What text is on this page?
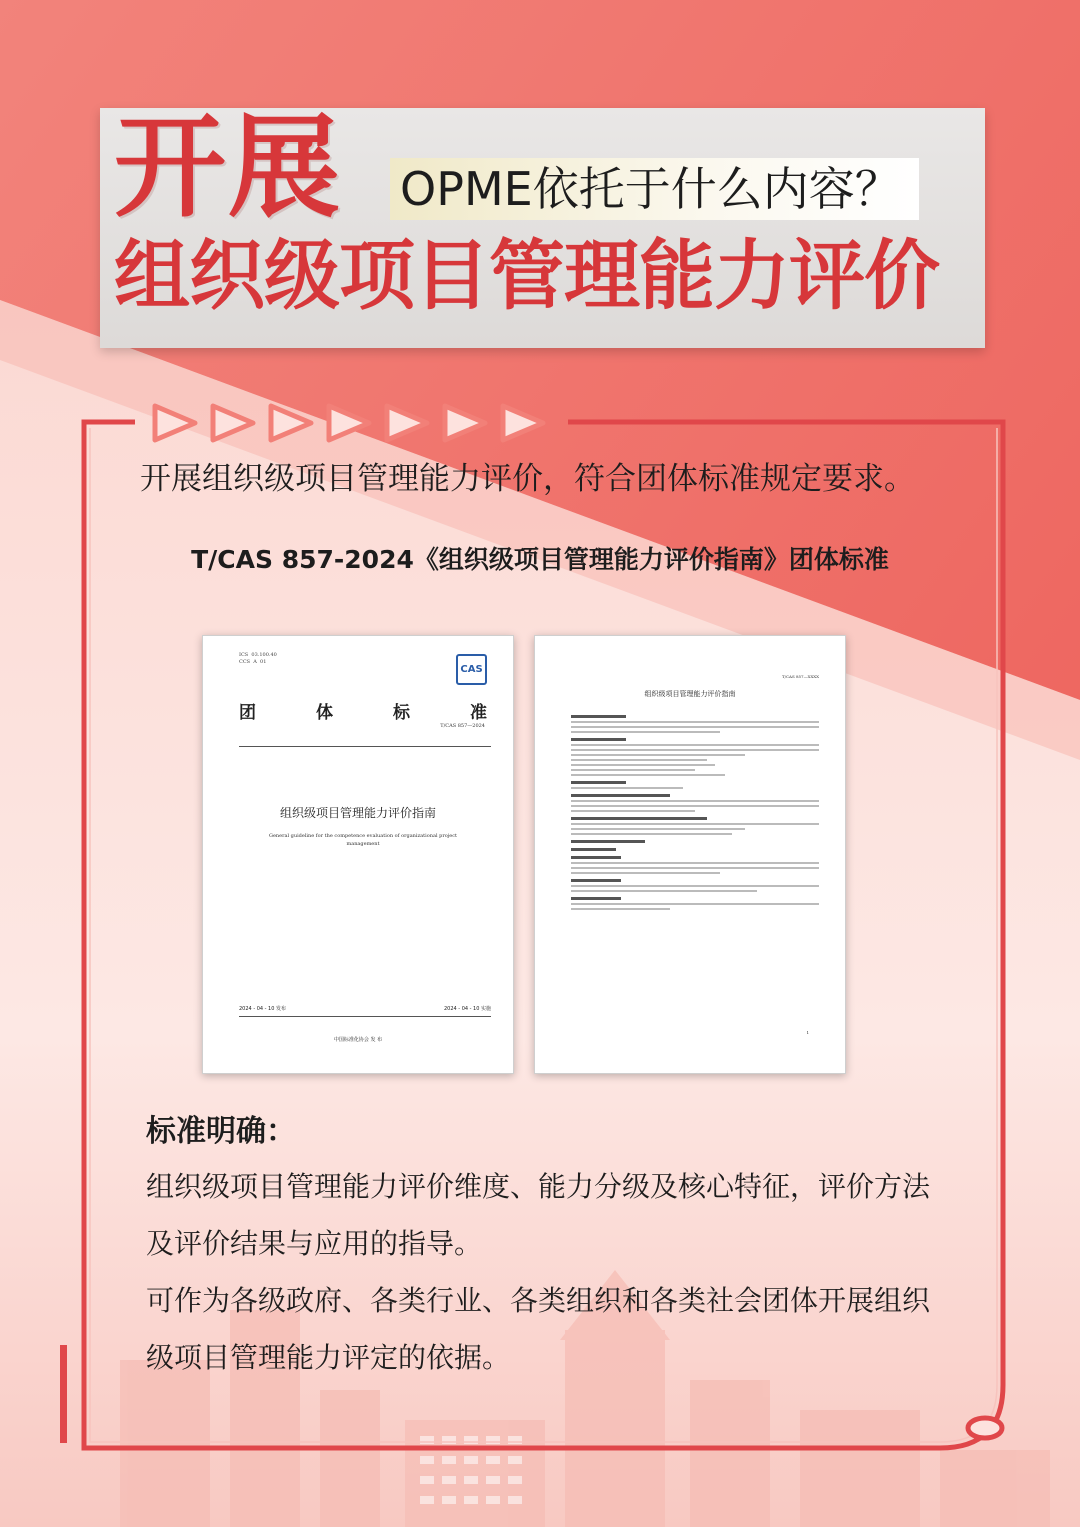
开展 OPME依托于什么内容？
组织级项目管理能力评价
开展组织级项目管理能力评价，符合团体标准规定要求。
T/CAS 857-2024《组织级项目管理能力评价指南》团体标准
ICS  03.100.40
CCS  A  01
CAS
团	体	标	准
T/CAS 857—2024
组织级项目管理能力评价指南
General guideline for the competence evaluation of organizational project management
2024 - 04 - 10 发布	2024 - 04 - 10 实施
中国标准化协会 发 布
T/CAS 857—XXXX
组织级项目管理能力评价指南
1
标准明确：
组织级项目管理能力评价维度、能力分级及核心特征，评价方法及评价结果与应用的指导。
可作为各级政府、各类行业、各类组织和各类社会团体开展组织级项目管理能力评定的依据。
